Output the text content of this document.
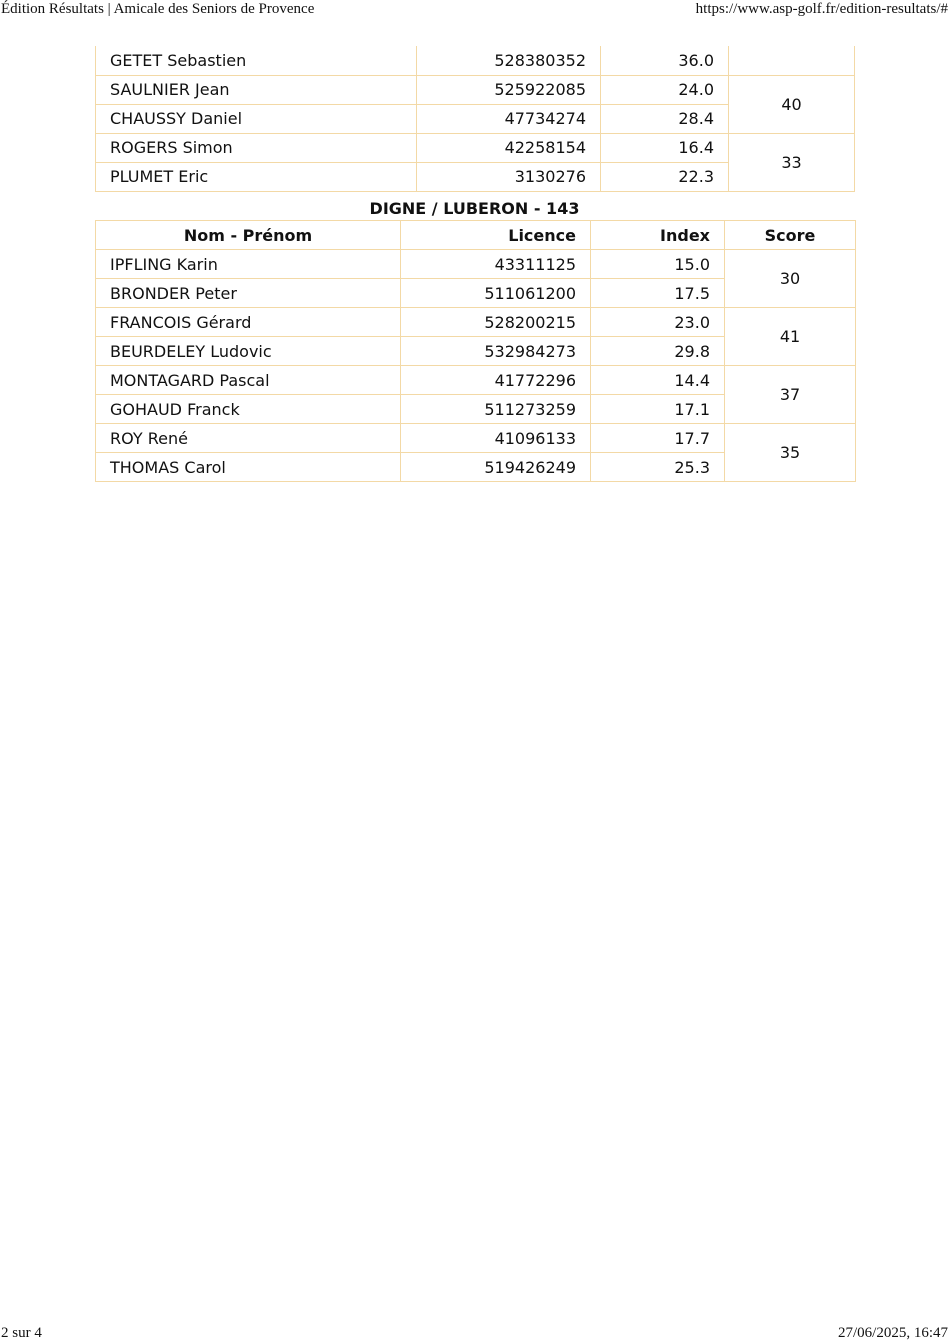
Édition Résultats | Amicale des Seniors de Provence	https://www.asp-golf.fr/edition-resultats/#
GETET Sebastien	528380352	36.0	
SAULNIER Jean	525922085	24.0	40
CHAUSSY Daniel	47734274	28.4	
ROGERS Simon	42258154	16.4	33
PLUMET Eric	3130276	22.3	
DIGNE / LUBERON - 143
Nom - Prénom	Licence	Index	Score
IPFLING Karin	43311125	15.0	30
BRONDER Peter	511061200	17.5	
FRANCOIS Gérard	528200215	23.0	41
BEURDELEY Ludovic	532984273	29.8	
MONTAGARD Pascal	41772296	14.4	37
GOHAUD Franck	511273259	17.1	
ROY René	41096133	17.7	35
THOMAS Carol	519426249	25.3	
2 sur 4	27/06/2025, 16:47
